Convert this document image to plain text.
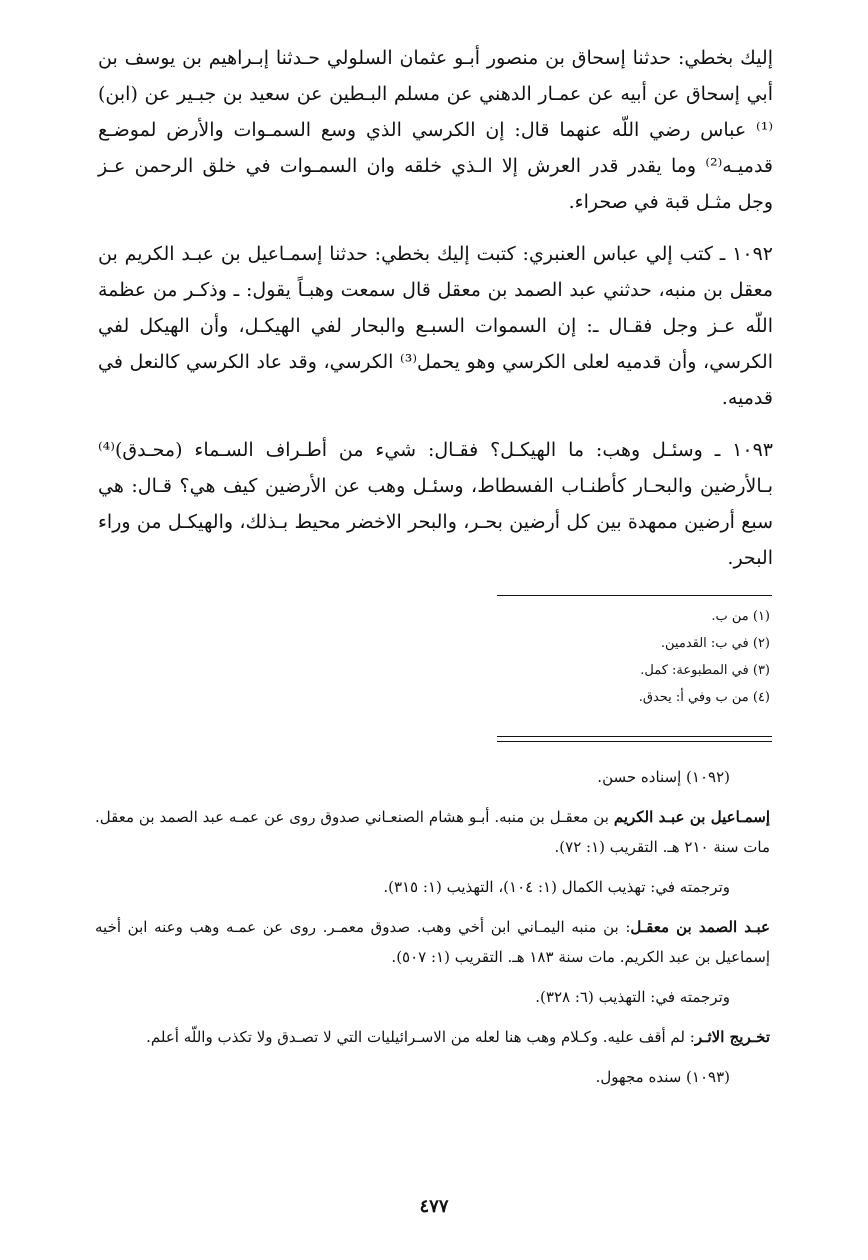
إليك بخطي: حدثنا إسحاق بن منصور أبـو عثمان السلولي حـدثنا إبـراهيم بن يوسف بن أبي إسحاق عن أبيه عن عمـار الدهني عن مسلم البـطين عن سعيد بن جبـير عن (ابن)⁽¹⁾ عباس رضي اللّه عنهما قال: إن الكرسي الذي وسع السمـوات والأرض لموضـع قدميـه⁽²⁾ وما يقدر قدر العرش إلا الـذي خلقه وان السمـوات في خلق الرحمن عـز وجل مثـل قبة في صحراء.

١٠٩٢ ـ كتب إلي عباس العنبري: كتبت إليك بخطي: حدثنا إسمـاعيل بن عبـد الكريم بن معقل بن منبه، حدثني عبد الصمد بن معقل قال سمعت وهبـاً يقول: ـ وذكـر من عظمة اللّه عـز وجل فقـال ـ: إن السموات السبـع والبحار لفي الهيكـل، وأن الهيكل لفي الكرسي، وأن قدميه لعلى الكرسي وهو يحمل⁽³⁾ الكرسي، وقد عاد الكرسي كالنعل في قدميه.

١٠٩٣ ـ وسئـل وهب: ما الهيكـل؟ فقـال: شيء من أطـراف السـماء (محـدق)⁽⁴⁾ بـالأرضين والبحـار كأطنـاب الفسطاط، وسئـل وهب عن الأرضين كيف هي؟ قـال: هي سبع أرضين ممهدة بين كل أرضين بحـر، والبحر الاخضر محيط بـذلك، والهيكـل من وراء البحر.

(١) من ب.
(٢) في ب: القدمين.
(٣) في المطبوعة: كمل.
(٤) من ب وفي أ: يحدق.

(١٠٩٢) إسناده حسن.

إسمـاعيل بن عبـد الكريم بن معقـل بن منبه. أبـو هشام الصنعـاني صدوق روى عن عمـه عبد الصمد بن معقل. مات سنة ٢١٠ هـ. التقريب (١: ٧٢).

وترجمته في: تهذيب الكمال (١: ١٠٤)، التهذيب (١: ٣١٥).

عبـد الصمد بن معقـل: بن منبه اليمـاني ابن أخي وهب. صدوق معمـر. روى عن عمـه وهب وعنه ابن أخيه إسماعيل بن عبد الكريم. مات سنة ١٨٣ هـ. التقريب (١: ٥٠٧).

وترجمته في: التهذيب (٦: ٣٢٨).

تخـريج الاثـر: لم أقف عليه. وكـلام وهب هنا لعله من الاسـرائيليات التي لا تصـدق ولا تكذب واللّه أعلم.

(١٠٩٣) سنده مجهول.

٤٧٧
